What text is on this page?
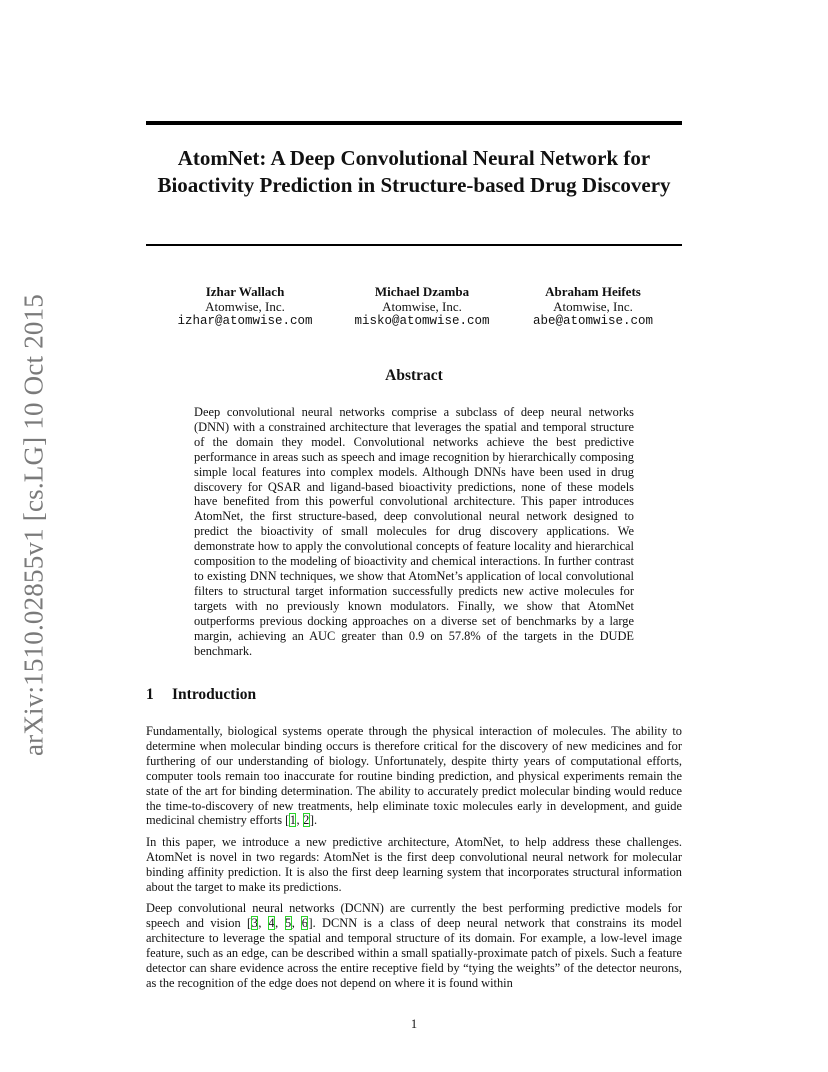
arXiv:1510.02855v1 [cs.LG] 10 Oct 2015
AtomNet: A Deep Convolutional Neural Network for Bioactivity Prediction in Structure-based Drug Discovery
Izhar Wallach
Atomwise, Inc.
izhar@atomwise.com
Michael Dzamba
Atomwise, Inc.
misko@atomwise.com
Abraham Heifets
Atomwise, Inc.
abe@atomwise.com
Abstract

Deep convolutional neural networks comprise a subclass of deep neural networks (DNN) with a constrained architecture that leverages the spatial and temporal structure of the domain they model. Convolutional networks achieve the best predictive performance in areas such as speech and image recognition by hierarchically composing simple local features into complex models. Although DNNs have been used in drug discovery for QSAR and ligand-based bioactivity predictions, none of these models have benefited from this powerful convolutional architecture. This paper introduces AtomNet, the first structure-based, deep convolutional neural network designed to predict the bioactivity of small molecules for drug discovery applications. We demonstrate how to apply the convolutional concepts of feature locality and hierarchical composition to the modeling of bioactivity and chemical interactions. In further contrast to existing DNN techniques, we show that AtomNet’s application of local convolutional filters to structural target information successfully predicts new active molecules for targets with no previously known modulators. Finally, we show that AtomNet outperforms previous docking approaches on a diverse set of benchmarks by a large margin, achieving an AUC greater than 0.9 on 57.8% of the targets in the DUDE benchmark.

1 Introduction

Fundamentally, biological systems operate through the physical interaction of molecules. The ability to determine when molecular binding occurs is therefore critical for the discovery of new medicines and for furthering of our understanding of biology. Unfortunately, despite thirty years of computational efforts, computer tools remain too inaccurate for routine binding prediction, and physical experiments remain the state of the art for binding determination. The ability to accurately predict molecular binding would reduce the time-to-discovery of new treatments, help eliminate toxic molecules early in development, and guide medicinal chemistry efforts [1, 2].

In this paper, we introduce a new predictive architecture, AtomNet, to help address these challenges. AtomNet is novel in two regards: AtomNet is the first deep convolutional neural network for molecular binding affinity prediction. It is also the first deep learning system that incorporates structural information about the target to make its predictions.

Deep convolutional neural networks (DCNN) are currently the best performing predictive models for speech and vision [3, 4, 5, 6]. DCNN is a class of deep neural network that constrains its model architecture to leverage the spatial and temporal structure of its domain. For example, a low-level image feature, such as an edge, can be described within a small spatially-proximate patch of pixels. Such a feature detector can share evidence across the entire receptive field by “tying the weights” of the detector neurons, as the recognition of the edge does not depend on where it is found within

1
